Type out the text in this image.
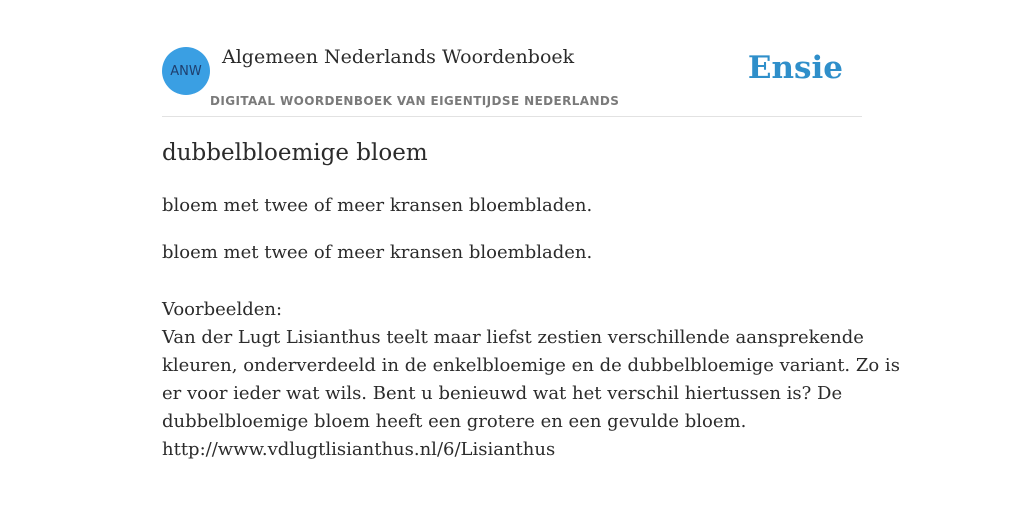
ANW
Algemeen Nederlands Woordenboek
DIGITAAL WOORDENBOEK VAN EIGENTIJDSE NEDERLANDS
Ensie
dubbelbloemige bloem
bloem met twee of meer kransen bloembladen.
bloem met twee of meer kransen bloembladen.
Voorbeelden:
Van der Lugt Lisianthus teelt maar liefst zestien verschillende aansprekende
kleuren, onderverdeeld in de enkelbloemige en de dubbelbloemige variant. Zo is
er voor ieder wat wils. Bent u benieuwd wat het verschil hiertussen is? De
dubbelbloemige bloem heeft een grotere en een gevulde bloem.
http://www.vdlugtlisianthus.nl/6/Lisianthus
